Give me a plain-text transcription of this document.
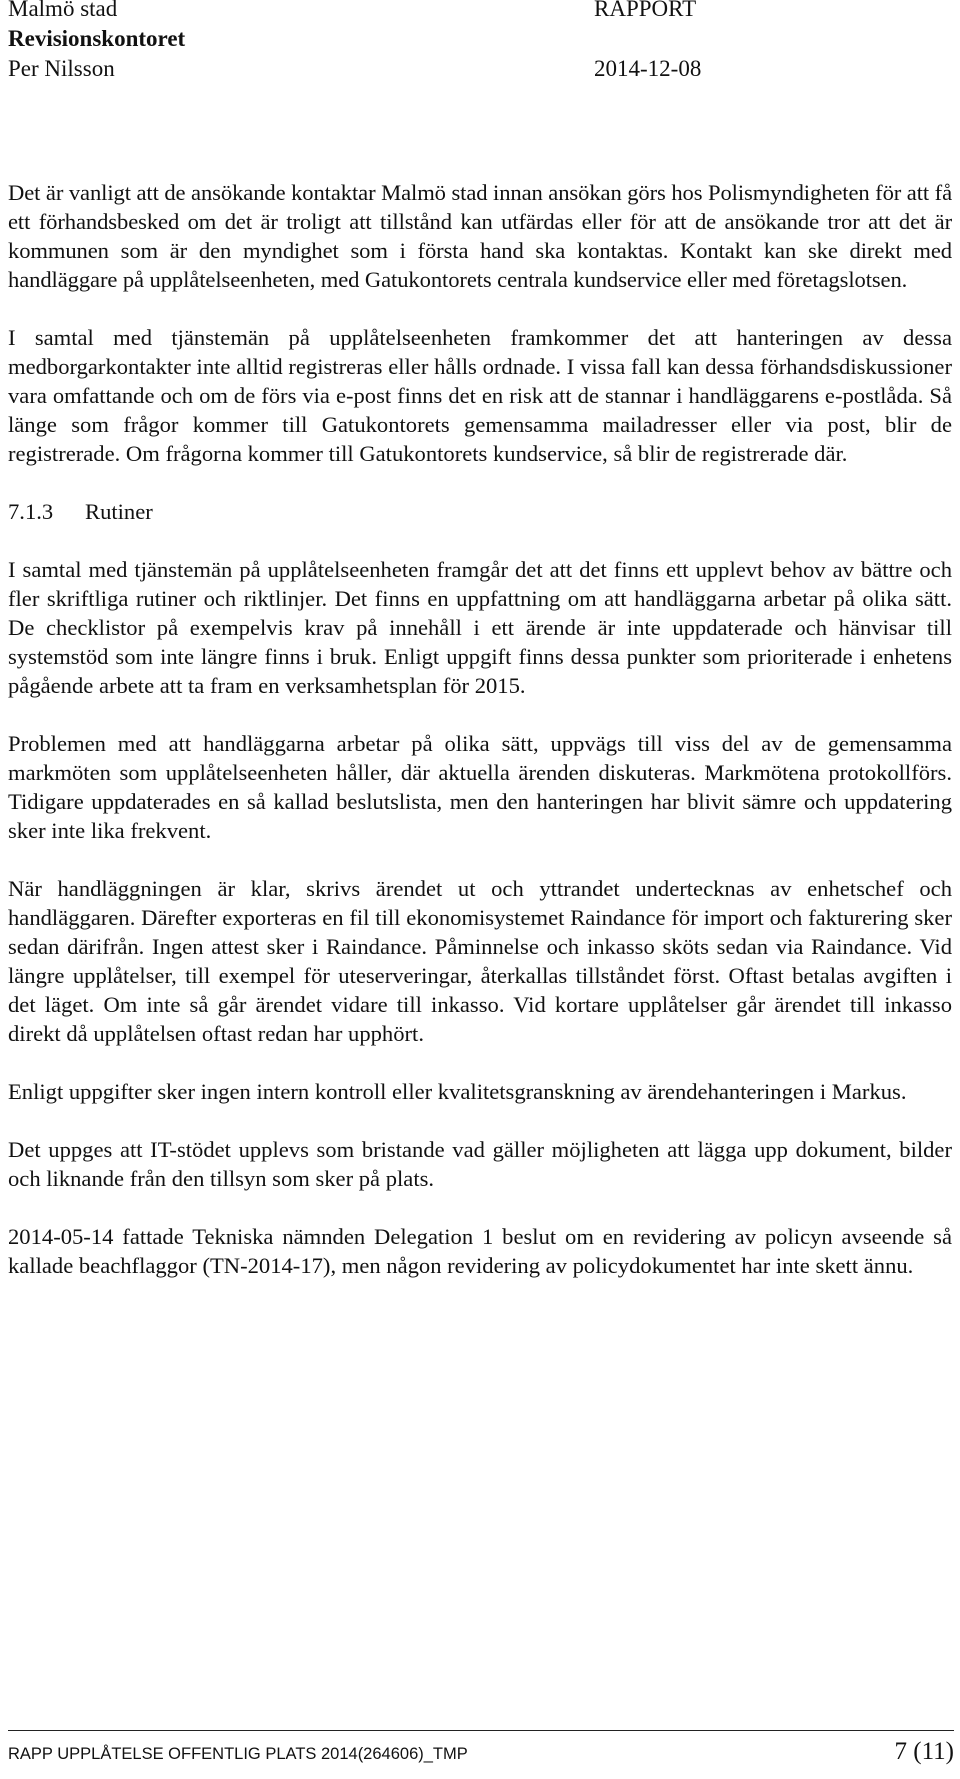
Malmö stad	RAPPORT
Revisionskontoret
Per Nilsson	2014-12-08

Det är vanligt att de ansökande kontaktar Malmö stad innan ansökan görs hos Polismyndigheten för att få ett förhandsbesked om det är troligt att tillstånd kan utfärdas eller för att de ansökande tror att det är kommunen som är den myndighet som i första hand ska kontaktas. Kontakt kan ske direkt med handläggare på upplåtelseenheten, med Gatukontorets centrala kundservice eller med företagslotsen.

I samtal med tjänstemän på upplåtelseenheten framkommer det att hanteringen av dessa medborgarkontakter inte alltid registreras eller hålls ordnade. I vissa fall kan dessa förhandsdiskussioner vara omfattande och om de förs via e-post finns det en risk att de stannar i handläggarens e-postlåda. Så länge som frågor kommer till Gatukontorets gemensamma mailadresser eller via post, blir de registrerade. Om frågorna kommer till Gatukontorets kundservice, så blir de registrerade där.

7.1.3 Rutiner

I samtal med tjänstemän på upplåtelseenheten framgår det att det finns ett upplevt behov av bättre och fler skriftliga rutiner och riktlinjer. Det finns en uppfattning om att handläggarna arbetar på olika sätt. De checklistor på exempelvis krav på innehåll i ett ärende är inte uppdaterade och hänvisar till systemstöd som inte längre finns i bruk. Enligt uppgift finns dessa punkter som prioriterade i enhetens pågående arbete att ta fram en verksamhetsplan för 2015.

Problemen med att handläggarna arbetar på olika sätt, uppvägs till viss del av de gemensamma markmöten som upplåtelseenheten håller, där aktuella ärenden diskuteras. Markmötena protokollförs. Tidigare uppdaterades en så kallad beslutslista, men den hanteringen har blivit sämre och uppdatering sker inte lika frekvent.

När handläggningen är klar, skrivs ärendet ut och yttrandet undertecknas av enhetschef och handläggaren. Därefter exporteras en fil till ekonomisystemet Raindance för import och fakturering sker sedan därifrån. Ingen attest sker i Raindance. Påminnelse och inkasso sköts sedan via Raindance. Vid längre upplåtelser, till exempel för uteserveringar, återkallas tillståndet först. Oftast betalas avgiften i det läget. Om inte så går ärendet vidare till inkasso. Vid kortare upplåtelser går ärendet till inkasso direkt då upplåtelsen oftast redan har upphört.

Enligt uppgifter sker ingen intern kontroll eller kvalitetsgranskning av ärendehanteringen i Markus.

Det uppges att IT-stödet upplevs som bristande vad gäller möjligheten att lägga upp dokument, bilder och liknande från den tillsyn som sker på plats.

2014-05-14 fattade Tekniska nämnden Delegation 1 beslut om en revidering av policyn avseende så kallade beachflaggor (TN-2014-17), men någon revidering av policydokumentet har inte skett ännu.

RAPP UPPLÅTELSE OFFENTLIG PLATS 2014(264606)_TMP	7 (11)
